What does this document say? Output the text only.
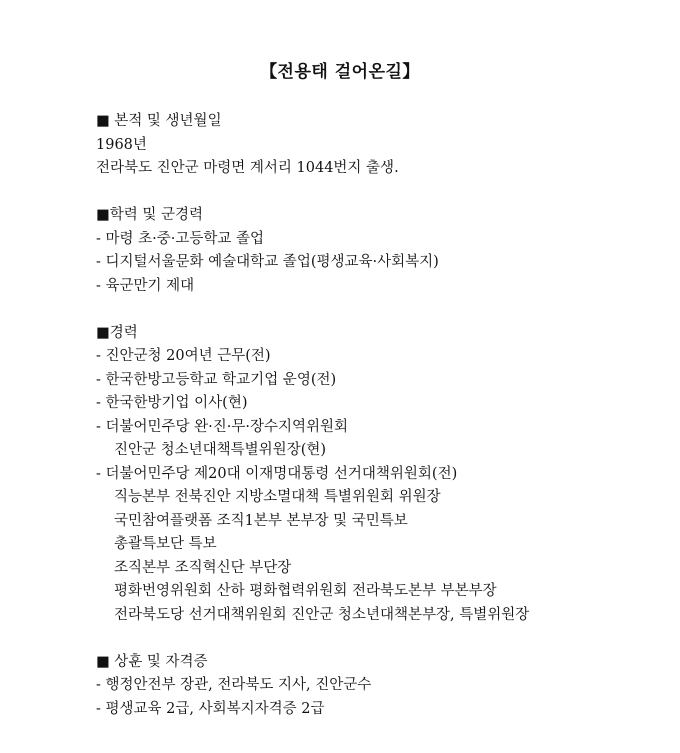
【전용태 걸어온길】
■ 본적 및 생년월일
1968년
전라북도 진안군 마령면 계서리 1044번지 출생.
■학력 및 군경력
- 마령 초·중·고등학교 졸업
- 디지털서울문화 예술대학교 졸업(평생교육·사회복지)
- 육군만기 제대
■경력
- 진안군청 20여년 근무(전)
- 한국한방고등학교 학교기업 운영(전)
- 한국한방기업 이사(현)
- 더불어민주당 완·진·무·장수지역위원회
진안군 청소년대책특별위원장(현)
- 더불어민주당 제20대 이재명대통령 선거대책위원회(전)
직능본부 전북진안 지방소멸대책 특별위원회 위원장
국민참여플랫폼 조직1본부 본부장 및 국민특보
총괄특보단 특보
조직본부 조직혁신단 부단장
평화번영위원회 산하 평화협력위원회 전라북도본부 부본부장
전라북도당 선거대책위원회 진안군 청소년대책본부장, 특별위원장
■ 상훈 및 자격증
- 행정안전부 장관, 전라북도 지사, 진안군수
- 평생교육 2급, 사회복지자격증 2급
